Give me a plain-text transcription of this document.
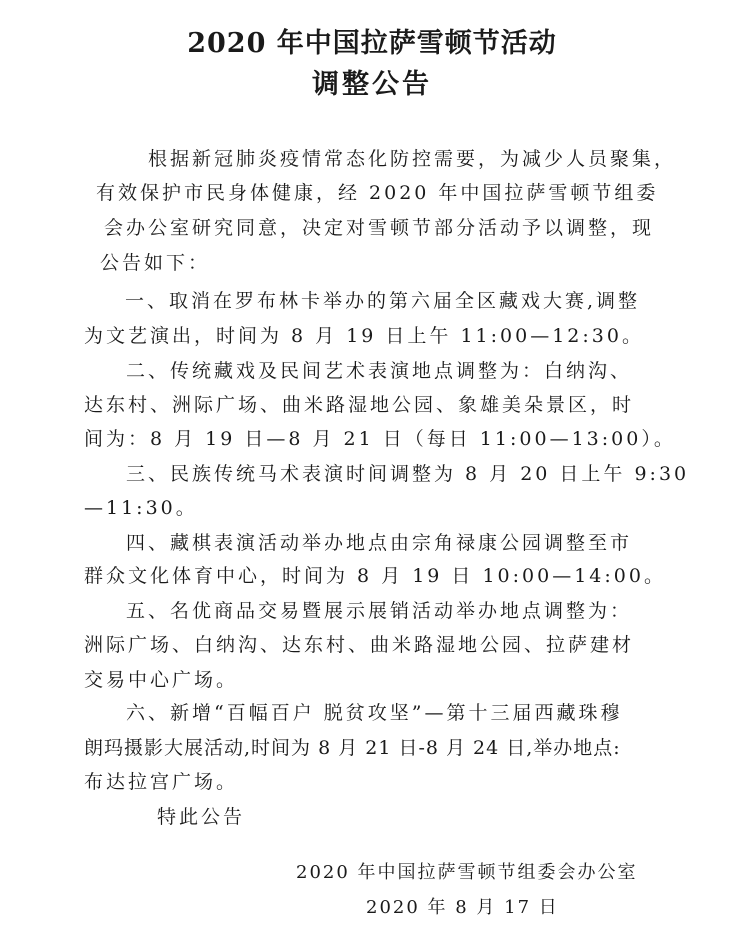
2020 年中国拉萨雪顿节活动
调整公告
根据新冠肺炎疫情常态化防控需要，为减少人员聚集，
有效保护市民身体健康，经 2020 年中国拉萨雪顿节组委
会办公室研究同意，决定对雪顿节部分活动予以调整，现
公告如下：
一、取消在罗布林卡举办的第六届全区藏戏大赛,调整
为文艺演出，时间为 8 月 19 日上午 11:00—12:30。
二、传统藏戏及民间艺术表演地点调整为：白纳沟、
达东村、洲际广场、曲米路湿地公园、象雄美朵景区，时
间为：8 月 19 日—8 月 21 日（每日 11:00—13:00）。
三、民族传统马术表演时间调整为 8 月 20 日上午 9:30
—11:30。
四、藏棋表演活动举办地点由宗角禄康公园调整至市
群众文化体育中心，时间为 8 月 19 日 10:00—14:00。
五、名优商品交易暨展示展销活动举办地点调整为：
洲际广场、白纳沟、达东村、曲米路湿地公园、拉萨建材
交易中心广场。
六、新增“百幅百户 脱贫攻坚”—第十三届西藏珠穆
朗玛摄影大展活动,时间为 8 月 21 日-8 月 24 日,举办地点:
布达拉宫广场。
特此公告
2020 年中国拉萨雪顿节组委会办公室
2020 年 8 月 17 日
